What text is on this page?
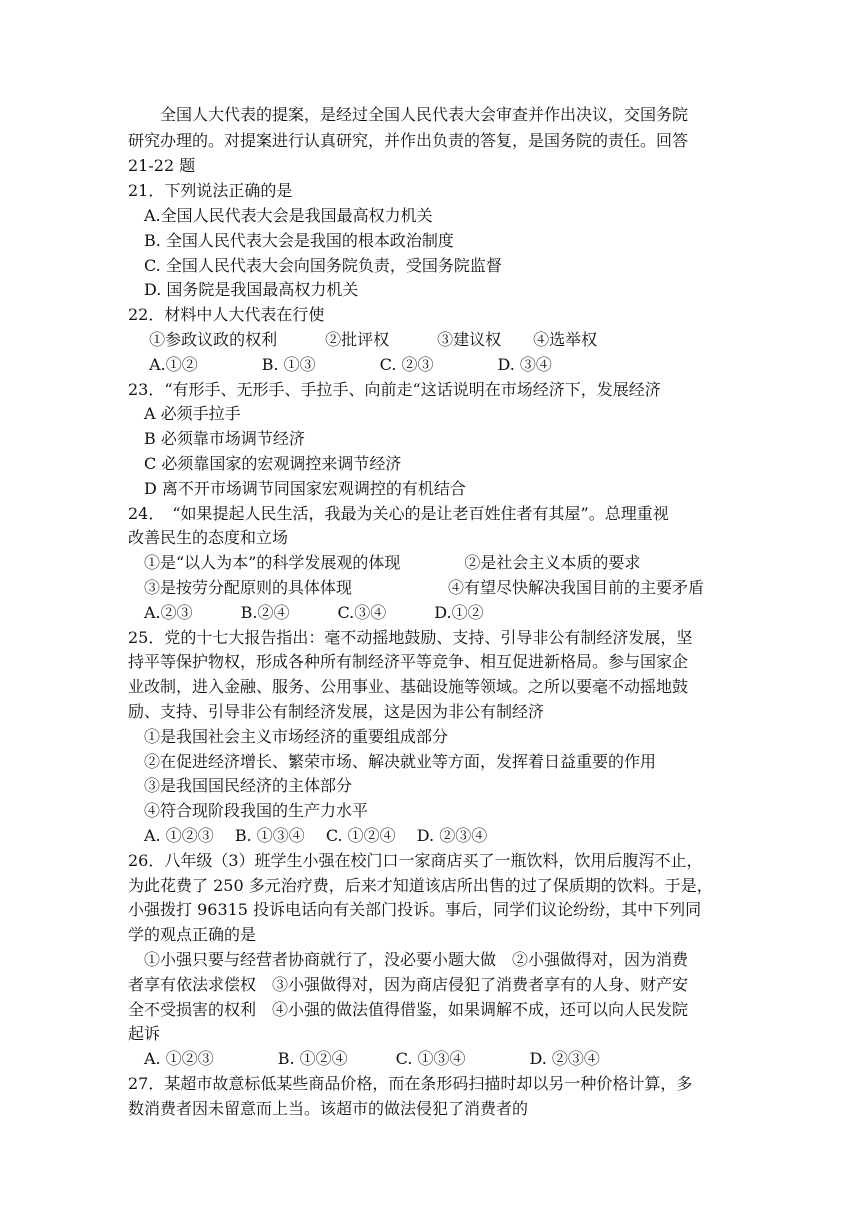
　　全国人大代表的提案，是经过全国人民代表大会审查并作出决议，交国务院
研究办理的。对提案进行认真研究，并作出负责的答复，是国务院的责任。回答
21-22 题
21．下列说法正确的是
　A.全国人民代表大会是我国最高权力机关
　B. 全国人民代表大会是我国的根本政治制度
　C. 全国人民代表大会向国务院负责，受国务院监督
　D. 国务院是我国最高权力机关
22．材料中人大代表在行使
　 ①参政议政的权利　　　②批评权　　　③建议权　　④选举权
　 A.①②　　　　B. ①③　　　　C. ②③　　　　D. ③④
23．“有形手、无形手、手拉手、向前走“这话说明在市场经济下，发展经济
　A 必须手拉手
　B 必须靠市场调节经济
　C 必须靠国家的宏观调控来调节经济
　D 离不开市场调节同国家宏观调控的有机结合
24．　“如果提起人民生活，我最为关心的是让老百姓住者有其屋”。总理重视
改善民生的态度和立场
　①是“以人为本”的科学发展观的体现　　　　②是社会主义本质的要求
　③是按劳分配原则的具体体现　　　　　　④有望尽快解决我国目前的主要矛盾
　A.②③　　　B.②④　　　C.③④　　　D.①②
25．党的十七大报告指出：毫不动摇地鼓励、支持、引导非公有制经济发展，坚
持平等保护物权，形成各种所有制经济平等竞争、相互促进新格局。参与国家企
业改制，进入金融、服务、公用事业、基础设施等领域。之所以要毫不动摇地鼓
励、支持、引导非公有制经济发展，这是因为非公有制经济
　①是我国社会主义市场经济的重要组成部分
　②在促进经济增长、繁荣市场、解决就业等方面，发挥着日益重要的作用
　③是我国国民经济的主体部分
　④符合现阶段我国的生产力水平
　A. ①②③　 B. ①③④　 C. ①②④　 D. ②③④
26．八年级（3）班学生小强在校门口一家商店买了一瓶饮料，饮用后腹泻不止，
为此花费了 250 多元治疗费，后来才知道该店所出售的过了保质期的饮料。于是，
小强拨打 96315 投诉电话向有关部门投诉。事后，同学们议论纷纷，其中下列同
学的观点正确的是
　①小强只要与经营者协商就行了，没必要小题大做　②小强做得对，因为消费
者享有依法求偿权　③小强做得对，因为商店侵犯了消费者享有的人身、财产安
全不受损害的权利　④小强的做法值得借鉴，如果调解不成，还可以向人民发院
起诉
　A. ①②③　　　　B. ①②④　　　C. ①③④　　　　D. ②③④
27．某超市故意标低某些商品价格，而在条形码扫描时却以另一种价格计算，多
数消费者因未留意而上当。该超市的做法侵犯了消费者的
